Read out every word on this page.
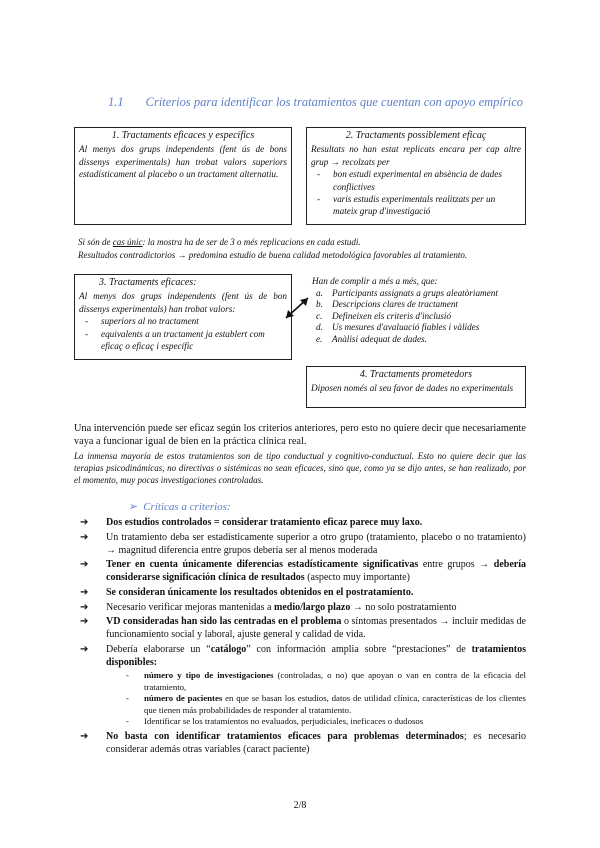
1.1 Criterios para identificar los tratamientos que cuentan con apoyo empírico
1. Tractaments eficaces y específics
Al menys dos grups independents (fent ús de bons dissenys experimentals) han trobat valors superiors estadísticament al placebo o un tractament alternatiu.
2. Tractaments possiblement eficaç
Resultats no han estat replicats encara per cap altre grup → recolzats per
- bon estudi experimental en absència de dades conflictives
- varis estudis experimentals realitzats per un mateix grup d'investigació
Si són de cas únic: la mostra ha de ser de 3 o més replicacions en cada estudi.
Resultados contradictorios → predomina estudio de buena calidad metodológica favorables al tratamiento.
3. Tractaments eficaces:
Al menys dos grups independents (fent ús de bon dissenys experimentals) han trobat valors:
- superiors al no tractament
- equivalents a un tractament ja establert com eficaç o eficaç i específic
Han de complir a més a més, que:
a. Participants assignats a grups aleatòriament
b. Descripcions clares de tractament
c. Defineixen els criteris d'inclusió
d. Us mesures d'avaluació fiables i vàlides
e. Anàlisi adequat de dades.
4. Tractaments prometedors
Diposen només al seu favor de dades no experimentals
Una intervención puede ser eficaz según los criterios anteriores, pero esto no quiere decir que necesariamente vaya a funcionar igual de bien en la práctica clínica real.
La inmensa mayoría de estos tratamientos son de tipo conductual y cognitivo-conductual. Esto no quiere decir que las terapias psicodinámicas, no directivas o sistémicas no sean eficaces, sino que, como ya se dijo antes, se han realizado, por el momento, muy pocas investigaciones controladas.
➢ Críticas a criterios:
➔ Dos estudios controlados = considerar tratamiento eficaz parece muy laxo.
➔ Un tratamiento deba ser estadísticamente superior a otro grupo (tratamiento, placebo o no tratamiento) → magnitud diferencia entre grupos debería ser al menos moderada
➔ Tener en cuenta únicamente diferencias estadísticamente significativas entre grupos → debería considerarse significación clínica de resultados (aspecto muy importante)
➔ Se consideran únicamente los resultados obtenidos en el postratamiento.
➔ Necesario verificar mejoras mantenidas a medio/largo plazo → no solo postratamiento
➔ VD consideradas han sido las centradas en el problema o síntomas presentados → incluir medidas de funcionamiento social y laboral, ajuste general y calidad de vida.
➔ Debería elaborarse un “catálogo” con información amplia sobre “prestaciones” de tratamientos disponibles:
- número y tipo de investigaciones (controladas, o no) que apoyan o van en contra de la eficacia del tratamiento,
- número de pacientes en que se basan los estudios, datos de utilidad clínica, características de los clientes que tienen más probabilidades de responder al tratamiento.
- Identificar se los tratamientos no evaluados, perjudiciales, ineficaces o dudosos
➔ No basta con identificar tratamientos eficaces para problemas determinados; es necesario considerar además otras variables (caract paciente)
2/8
